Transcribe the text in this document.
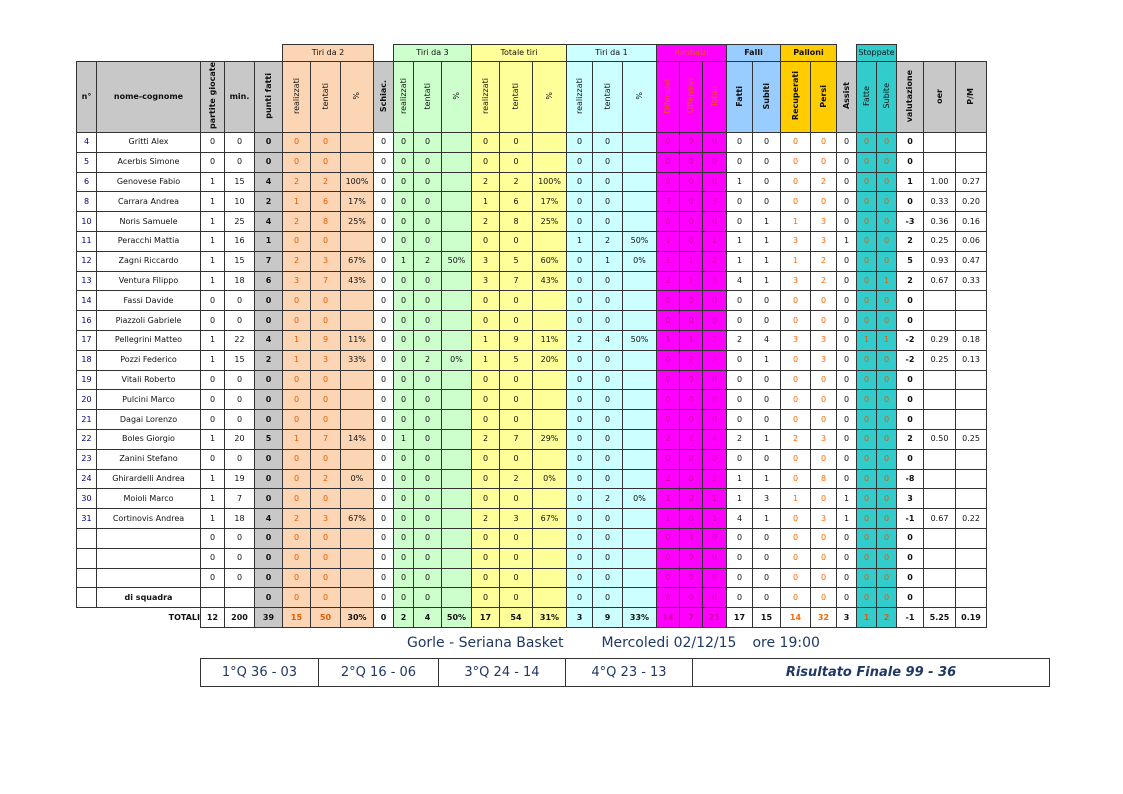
					Tiri da 2				Tiri da 3			Totale tiri			Tiri da 1			Rimbalzi			Falli		Palloni			Stoppate				
n°	nome-cognome	partite giocate	min.	punti fatti	realizzati	tentati	%	Schiac.	realizzati	tentati	%	realizzati	tentati	%	realizzati	tentati	%	Difensivi	Offensivi	Totali	Fatti	Subiti	Recuperati	Persi	Assist	Fatte	Subite	valutazione	oer	P/M
4	Gritti Alex	0	0	0	0	0		0	0	0		0	0		0	0		0	0	0	0	0	0	0	0	0	0	0		
5	Acerbis Simone	0	0	0	0	0		0	0	0		0	0		0	0		0	0	0	0	0	0	0	0	0	0	0		
6	Genovese Fabio	1	15	4	2	2	100%	0	0	0		2	2	100%	0	0		0	0	0	1	0	0	2	0	0	0	1	1.00	0.27
8	Carrara Andrea	1	10	2	1	6	17%	0	0	0		1	6	17%	0	0		3	0	3	0	0	0	0	0	0	0	0	0.33	0.20
10	Noris Samuele	1	25	4	2	8	25%	0	0	0		2	8	25%	0	0		0	0	0	0	1	1	3	0	0	0	-3	0.36	0.16
11	Peracchi Mattia	1	16	1	0	0		0	0	0		0	0		1	2	50%	1	0	1	1	1	3	3	1	0	0	2	0.25	0.06
12	Zagni Riccardo	1	15	7	2	3	67%	0	1	2	50%	3	5	60%	0	1	0%	1	1	2	1	1	1	2	0	0	0	5	0.93	0.47
13	Ventura Filippo	1	18	6	3	7	43%	0	0	0		3	7	43%	0	0		2	1	3	4	1	3	2	0	0	1	2	0.67	0.33
14	Fassi Davide	0	0	0	0	0		0	0	0		0	0		0	0		0	0	0	0	0	0	0	0	0	0	0		
16	Piazzoli Gabriele	0	0	0	0	0		0	0	0		0	0		0	0		0	0	0	0	0	0	0	0	0	0	0		
17	Pellegrini Matteo	1	22	4	1	9	11%	0	0	0		1	9	11%	2	4	50%	1	1	2	2	4	3	3	0	1	1	-2	0.29	0.18
18	Pozzi Federico	1	15	2	1	3	33%	0	0	2	0%	1	5	20%	0	0		0	2	2	0	1	0	3	0	0	0	-2	0.25	0.13
19	Vitali Roberto	0	0	0	0	0		0	0	0		0	0		0	0		0	0	0	0	0	0	0	0	0	0	0		
20	Pulcini Marco	0	0	0	0	0		0	0	0		0	0		0	0		0	0	0	0	0	0	0	0	0	0	0		
21	Dagai Lorenzo	0	0	0	0	0		0	0	0		0	0		0	0		0	0	0	0	0	0	0	0	0	0	0		
22	Boles Giorgio	1	20	5	1	7	14%	0	1	0		2	7	29%	0	0		2	2	4	2	1	2	3	0	0	0	2	0.50	0.25
23	Zanini Stefano	0	0	0	0	0		0	0	0		0	0		0	0		0	0	0	0	0	0	0	0	0	0	0		
24	Ghirardelli Andrea	1	19	0	0	2	0%	0	0	0		0	2	0%	0	0		2	0	2	1	1	0	8	0	0	0	-8		
30	Moioli Marco	1	7	0	0	0		0	0	0		0	0		0	2	0%	1	0	1	1	3	1	0	1	0	0	3		
31	Cortinovis Andrea	1	18	4	2	3	67%	0	0	0		2	3	67%	0	0		1	0	1	4	1	0	3	1	0	0	-1	0.67	0.22
		0	0	0	0	0		0	0	0		0	0		0	0		0	0	0	0	0	0	0	0	0	0	0		
		0	0	0	0	0		0	0	0		0	0		0	0		0	0	0	0	0	0	0	0	0	0	0		
		0	0	0	0	0		0	0	0		0	0		0	0		0	0	0	0	0	0	0	0	0	0	0		
	di squadra			0	0	0		0	0	0		0	0		0	0		0	0	0	0	0	0	0	0	0	0	0		
	TOTALI	12	200	39	15	50	30%	0	2	4	50%	17	54	31%	3	9	33%	14	7	21	17	15	14	32	3	1	2	-1	5.25	0.19
Gorle - Seriana Basket	Mercoledi 02/12/15 ore 19:00
1°Q 36 - 03	2°Q 16 - 06	3°Q 24 - 14	4°Q 23 - 13	Risultato Finale 99 - 36
